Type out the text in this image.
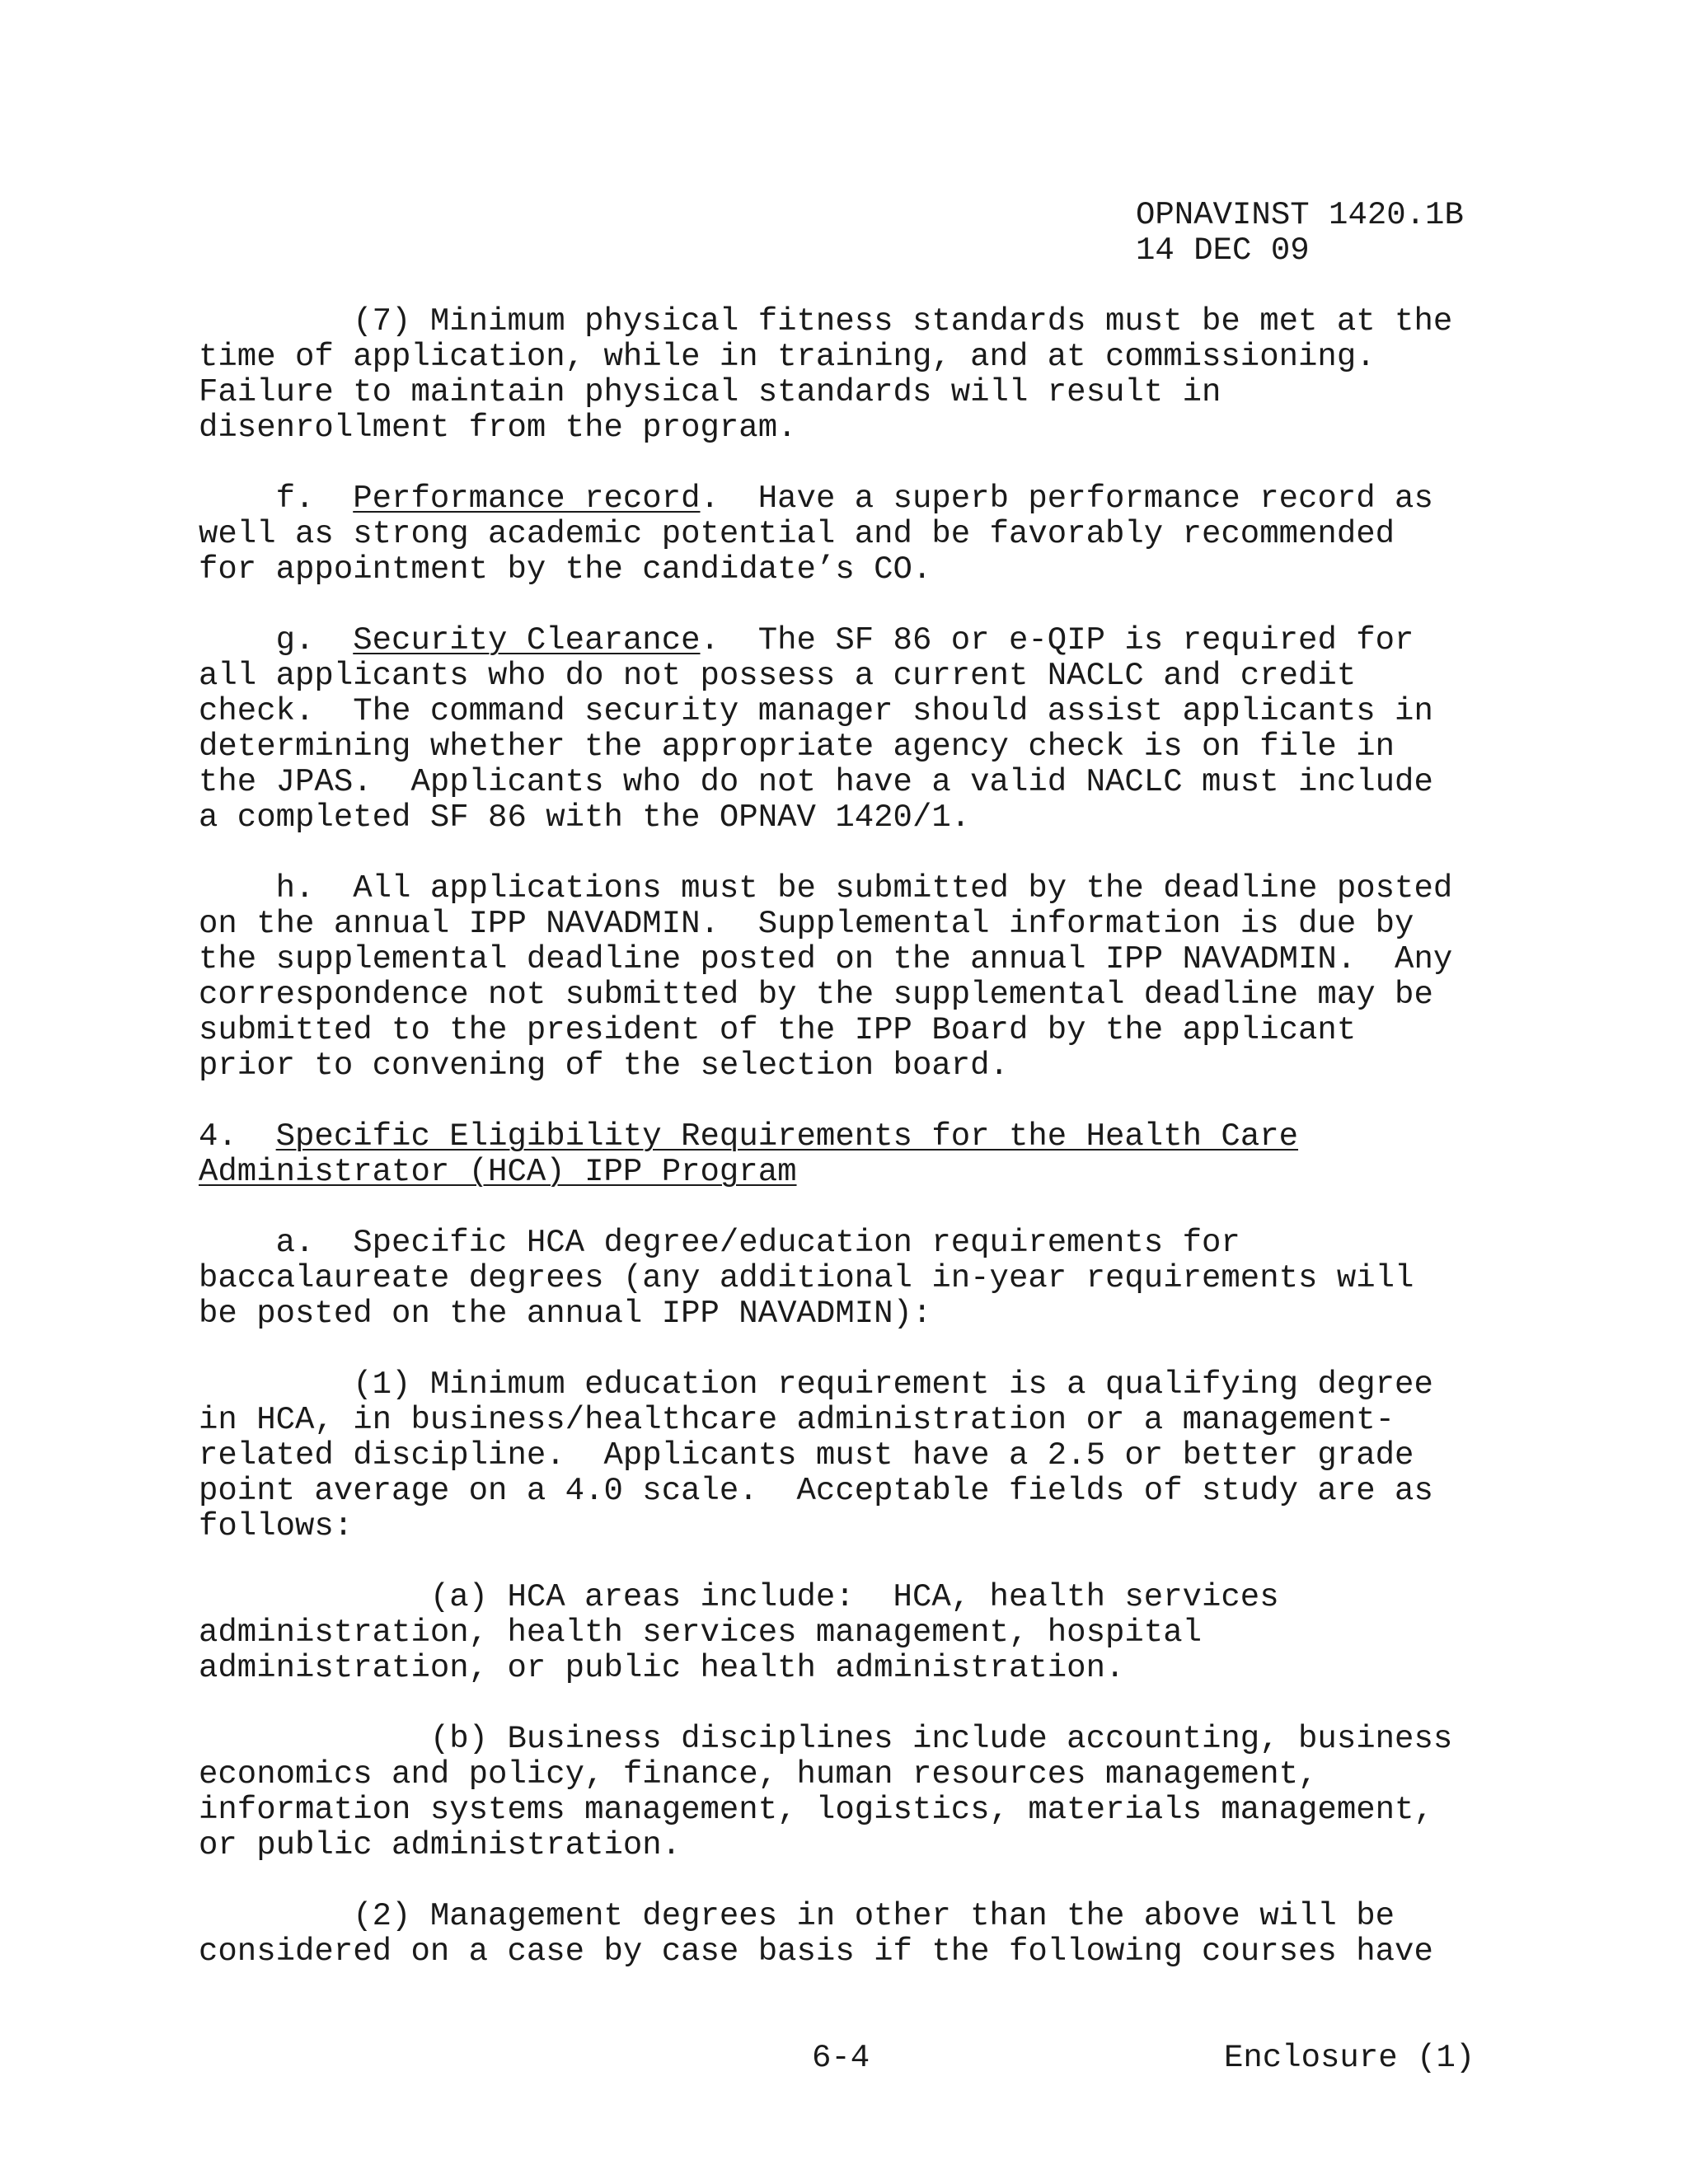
OPNAVINST 1420.1B
14 DEC 09
(7) Minimum physical fitness standards must be met at the
time of application, while in training, and at commissioning.
Failure to maintain physical standards will result in
disenrollment from the program.
f.  Performance record.  Have a superb performance record as
well as strong academic potential and be favorably recommended
for appointment by the candidate’s CO.
g.  Security Clearance.  The SF 86 or e-QIP is required for
all applicants who do not possess a current NACLC and credit
check.  The command security manager should assist applicants in
determining whether the appropriate agency check is on file in
the JPAS.  Applicants who do not have a valid NACLC must include
a completed SF 86 with the OPNAV 1420/1.
h.  All applications must be submitted by the deadline posted
on the annual IPP NAVADMIN.  Supplemental information is due by
the supplemental deadline posted on the annual IPP NAVADMIN.  Any
correspondence not submitted by the supplemental deadline may be
submitted to the president of the IPP Board by the applicant
prior to convening of the selection board.
4.  Specific Eligibility Requirements for the Health Care
Administrator (HCA) IPP Program
a.  Specific HCA degree/education requirements for
baccalaureate degrees (any additional in-year requirements will
be posted on the annual IPP NAVADMIN):
(1) Minimum education requirement is a qualifying degree
in HCA, in business/healthcare administration or a management-
related discipline.  Applicants must have a 2.5 or better grade
point average on a 4.0 scale.  Acceptable fields of study are as
follows:
(a) HCA areas include:  HCA, health services
administration, health services management, hospital
administration, or public health administration.
(b) Business disciplines include accounting, business
economics and policy, finance, human resources management,
information systems management, logistics, materials management,
or public administration.
(2) Management degrees in other than the above will be
considered on a case by case basis if the following courses have
6-4	Enclosure (1)
